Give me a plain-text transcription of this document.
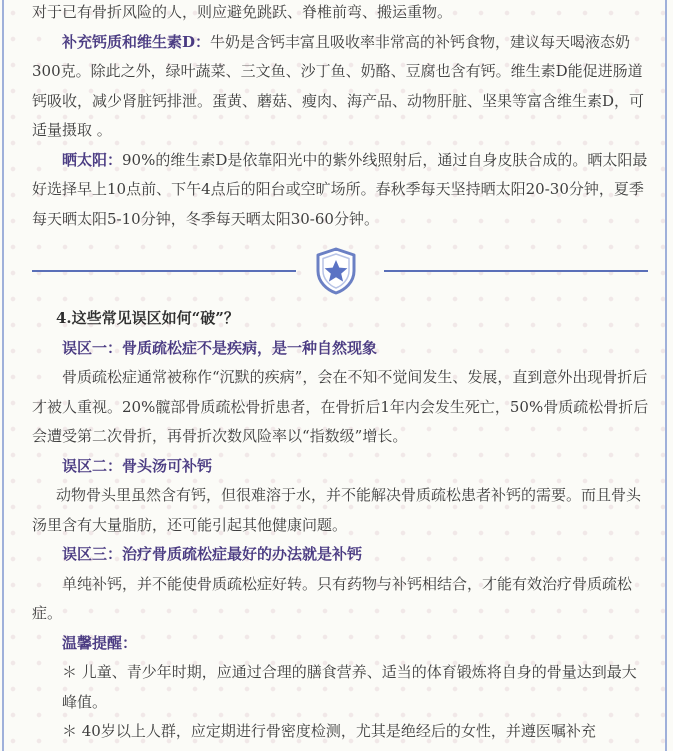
对于已有骨折风险的人，则应避免跳跃、脊椎前弯、搬运重物。

补充钙质和维生素D：牛奶是含钙丰富且吸收率非常高的补钙食物，建议每天喝液态奶300克。除此之外，绿叶蔬菜、三文鱼、沙丁鱼、奶酪、豆腐也含有钙。维生素D能促进肠道钙吸收，减少肾脏钙排泄。蛋黄、蘑菇、瘦肉、海产品、动物肝脏、坚果等富含维生素D，可适量摄取 。

晒太阳：90%的维生素D是依靠阳光中的紫外线照射后，通过自身皮肤合成的。晒太阳最好选择早上10点前、下午4点后的阳台或空旷场所。春秋季每天坚持晒太阳20-30分钟，夏季每天晒太阳5-10分钟，冬季每天晒太阳30-60分钟。

4.这些常见误区如何“破”？

误区一：骨质疏松症不是疾病，是一种自然现象

骨质疏松症通常被称作“沉默的疾病”，会在不知不觉间发生、发展，直到意外出现骨折后才被人重视。20%髋部骨质疏松骨折患者，在骨折后1年内会发生死亡，50%骨质疏松骨折后会遭受第二次骨折，再骨折次数风险率以“指数级”增长。

误区二：骨头汤可补钙

动物骨头里虽然含有钙，但很难溶于水，并不能解决骨质疏松患者补钙的需要。而且骨头汤里含有大量脂肪，还可能引起其他健康问题。

误区三：治疗骨质疏松症最好的办法就是补钙

单纯补钙，并不能使骨质疏松症好转。只有药物与补钙相结合，才能有效治疗骨质疏松症。

温馨提醒：

＊ 儿童、青少年时期，应通过合理的膳食营养、适当的体育锻炼将自身的骨量达到最大峰值。

＊ 40岁以上人群，应定期进行骨密度检测，尤其是绝经后的女性，并遵医嘱补充
